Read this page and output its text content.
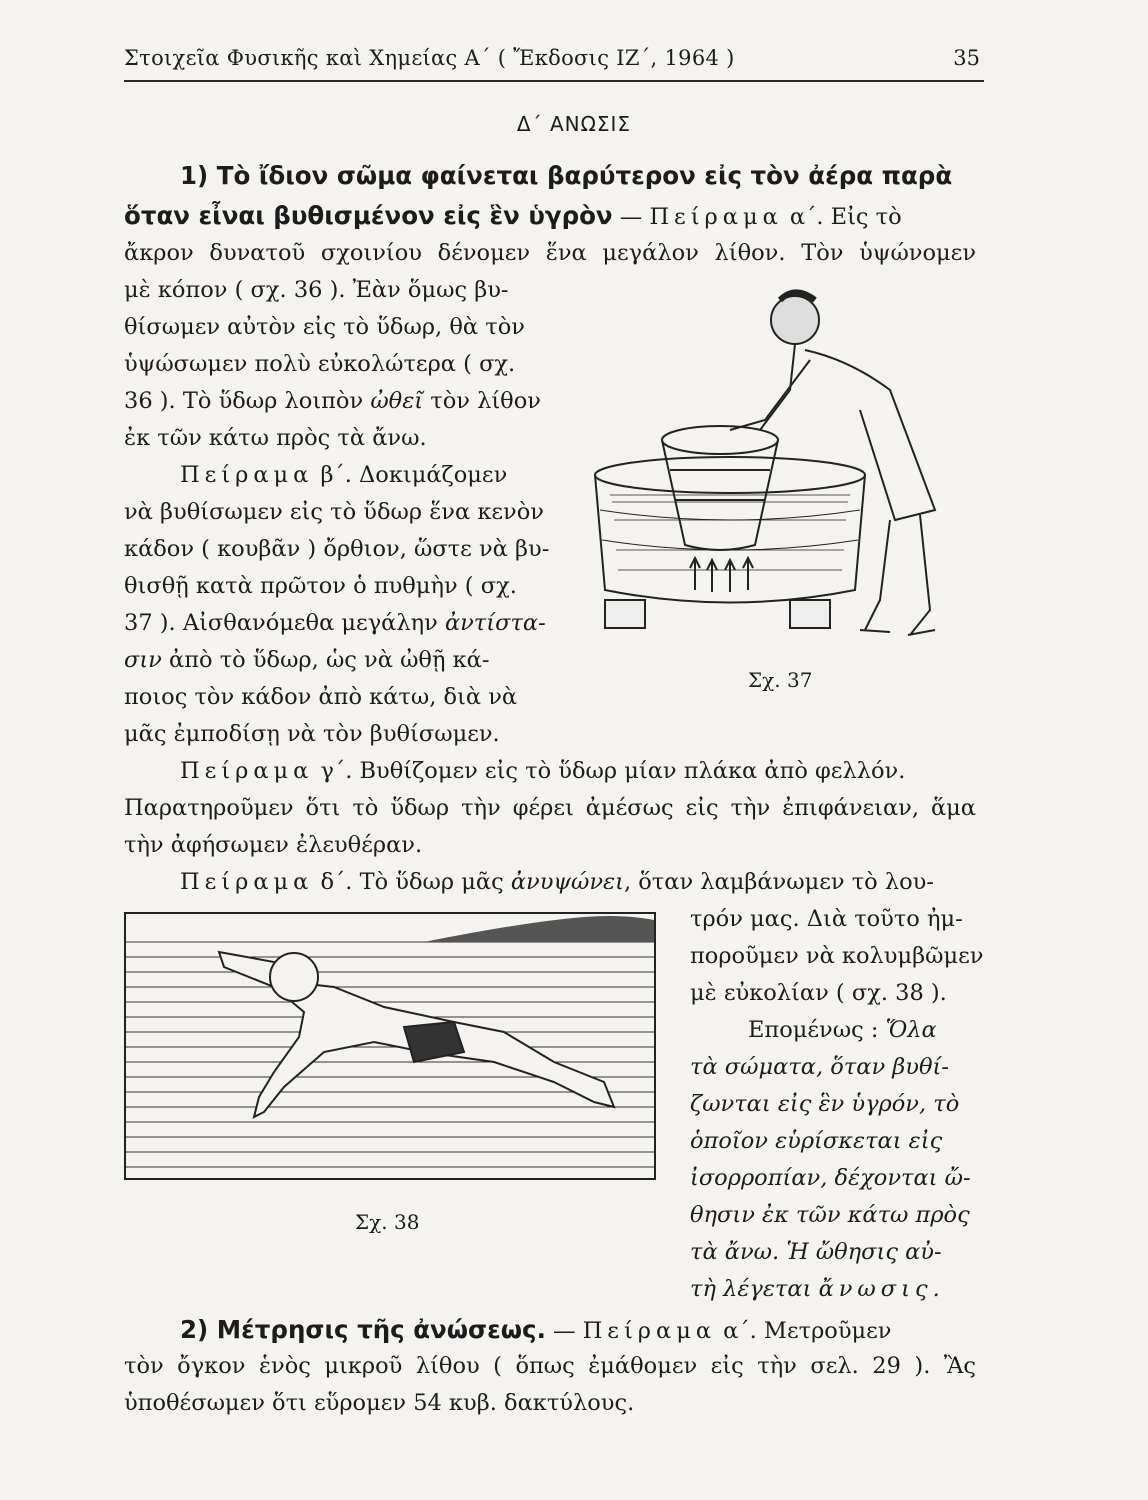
Στοιχεῖα Φυσικῆς καὶ Χημείας Α΄ ( Ἔκδοσις ΙΖ΄, 1964 )	35
Δ΄ ΑΝΩΣΙΣ
1) Τὸ ἴδιον σῶμα φαίνεται βαρύτερον εἰς τὸν ἀέρα παρὰ
ὅταν εἶναι βυθισμένον εἰς ἓν ὑγρὸν — Πείραμα α΄. Εἰς τὸ
ἄκρον δυνατοῦ σχοινίου δένομεν ἕνα μεγάλον λίθον. Τὸν ὑψώνομεν
μὲ κόπον ( σχ. 36 ). Ἐὰν ὅμως βυ-
θίσωμεν αὐτὸν εἰς τὸ ὕδωρ, θὰ τὸν
ὑψώσωμεν πολὺ εὐκολώτερα ( σχ.
36 ). Τὸ ὕδωρ λοιπὸν ὠθεῖ τὸν λίθον
ἐκ τῶν κάτω πρὸς τὰ ἄνω.
Πείραμα β΄. Δοκιμάζομεν
νὰ βυθίσωμεν εἰς τὸ ὕδωρ ἕνα κενὸν
κάδον ( κουβᾶν ) ὄρθιον, ὥστε νὰ βυ-
θισθῇ κατὰ πρῶτον ὁ πυθμὴν ( σχ.
37 ). Αἰσθανόμεθα μεγάλην ἀντίστα-
σιν ἀπὸ τὸ ὕδωρ, ὡς νὰ ὠθῇ κά-
ποιος τὸν κάδον ἀπὸ κάτω, διὰ νὰ
μᾶς ἐμποδίσῃ νὰ τὸν βυθίσωμεν.
Σχ. 37
Πείραμα γ΄. Βυθίζομεν εἰς τὸ ὕδωρ μίαν πλάκα ἀπὸ φελλόν.
Παρατηροῦμεν ὅτι τὸ ὕδωρ τὴν φέρει ἀμέσως εἰς τὴν ἐπιφάνειαν, ἅμα
τὴν ἀφήσωμεν ἐλευθέραν.
Πείραμα δ΄. Τὸ ὕδωρ μᾶς ἀνυψώνει, ὅταν λαμβάνωμεν τὸ λου-
τρόν μας. Διὰ τοῦτο ἠμ-
ποροῦμεν νὰ κολυμβῶμεν
μὲ εὐκολίαν ( σχ. 38 ).
Σχ. 38
Επομένως : Ὅλα
τὰ σώματα, ὅταν βυθί-
ζωνται εἰς ἓν ὑγρόν, τὸ
ὁποῖον εὑρίσκεται εἰς
ἰσορροπίαν, δέχονται ὤ-
θησιν ἐκ τῶν κάτω πρὸς
τὰ ἄνω. Ἡ ὤθησις αὐ-
τὴ λέγεται ἄνωσις.
2) Μέτρησις τῆς ἀνώσεως. — Πείραμα α΄. Μετροῦμεν
τὸν ὄγκον ἑνὸς μικροῦ λίθου ( ὅπως ἐμάθομεν εἰς τὴν σελ. 29 ). Ἂς
ὑποθέσωμεν ὅτι εὕρομεν 54 κυβ. δακτύλους.
